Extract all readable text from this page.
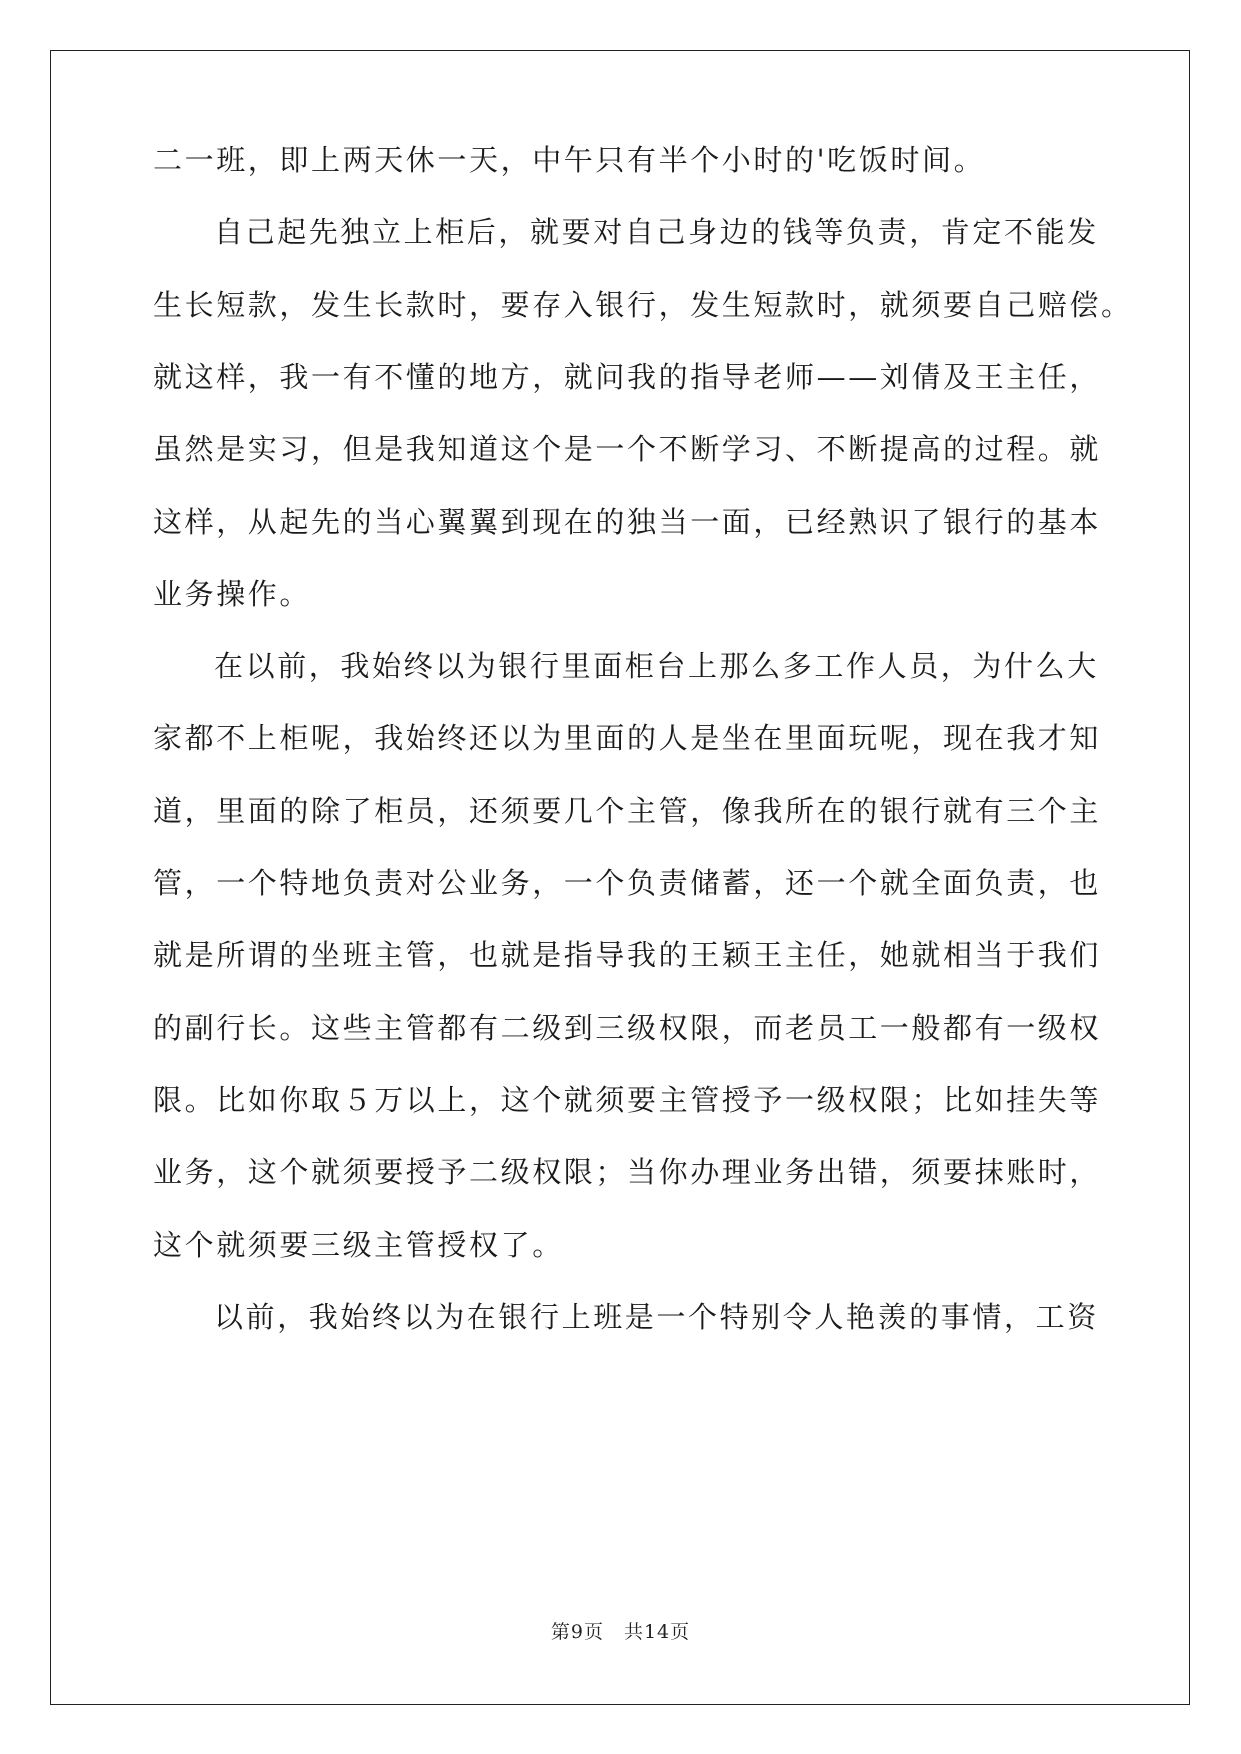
二一班，即上两天休一天，中午只有半个小时的'吃饭时间。
自己起先独立上柜后，就要对自己身边的钱等负责，肯定不能发
生长短款，发生长款时，要存入银行，发生短款时，就须要自己赔偿。
就这样，我一有不懂的地方，就问我的指导老师——刘倩及王主任，
虽然是实习，但是我知道这个是一个不断学习、不断提高的过程。就
这样，从起先的当心翼翼到现在的独当一面，已经熟识了银行的基本
业务操作。
在以前，我始终以为银行里面柜台上那么多工作人员，为什么大
家都不上柜呢，我始终还以为里面的人是坐在里面玩呢，现在我才知
道，里面的除了柜员，还须要几个主管，像我所在的银行就有三个主
管，一个特地负责对公业务，一个负责储蓄，还一个就全面负责，也
就是所谓的坐班主管，也就是指导我的王颖王主任，她就相当于我们
的副行长。这些主管都有二级到三级权限，而老员工一般都有一级权
限。比如你取５万以上，这个就须要主管授予一级权限；比如挂失等
业务，这个就须要授予二级权限；当你办理业务出错，须要抹账时，
这个就须要三级主管授权了。
以前，我始终以为在银行上班是一个特别令人艳羡的事情，工资
第9页 共14页
